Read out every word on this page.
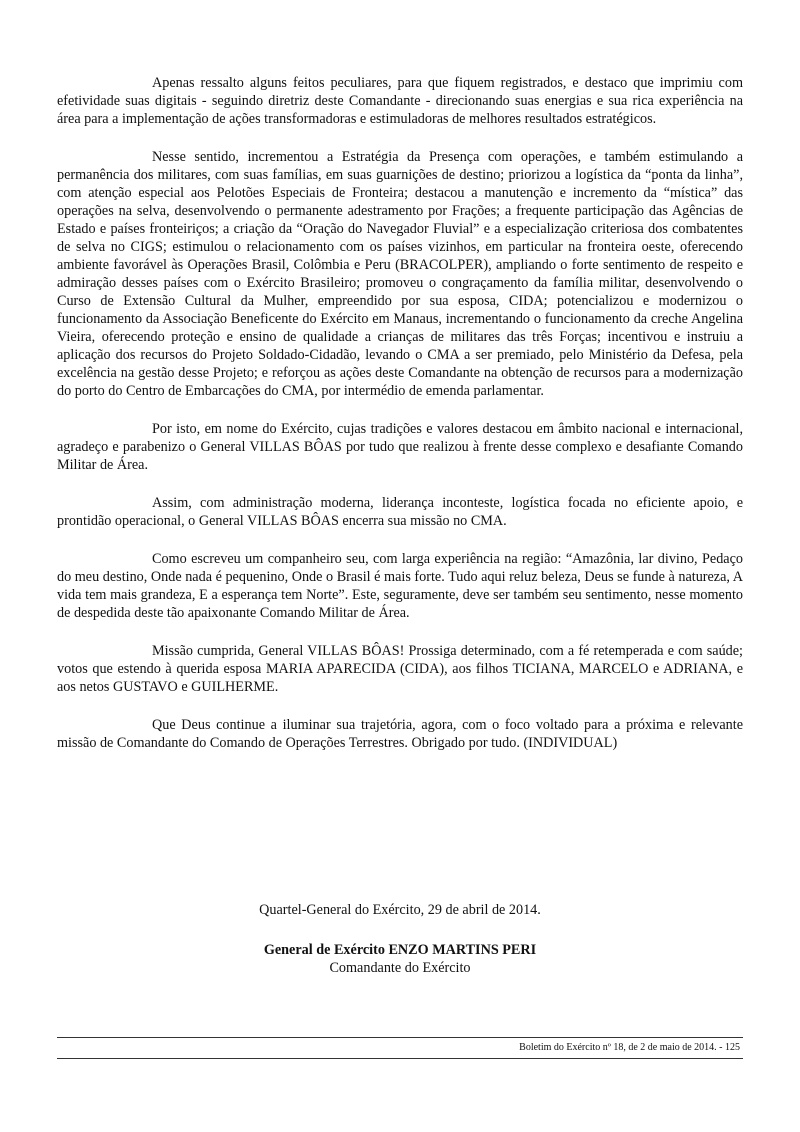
Apenas ressalto alguns feitos peculiares, para que fiquem registrados, e destaco que imprimiu com efetividade suas digitais - seguindo diretriz deste Comandante - direcionando suas energias e sua rica experiência na área para a implementação de ações transformadoras e estimuladoras de melhores resultados estratégicos.

Nesse sentido, incrementou a Estratégia da Presença com operações, e também estimulando a permanência dos militares, com suas famílias, em suas guarnições de destino; priorizou a logística da “ponta da linha”, com atenção especial aos Pelotões Especiais de Fronteira; destacou a manutenção e incremento da “mística” das operações na selva, desenvolvendo o permanente adestramento por Frações; a frequente participação das Agências de Estado e países fronteiriços; a criação da “Oração do Navegador Fluvial” e a especialização criteriosa dos combatentes de selva no CIGS; estimulou o relacionamento com os países vizinhos, em particular na fronteira oeste, oferecendo ambiente favorável às Operações Brasil, Colômbia e Peru (BRACOLPER), ampliando o forte sentimento de respeito e admiração desses países com o Exército Brasileiro; promoveu o congraçamento da família militar, desenvolvendo o Curso de Extensão Cultural da Mulher, empreendido por sua esposa, CIDA; potencializou e modernizou o funcionamento da Associação Beneficente do Exército em Manaus, incrementando o funcionamento da creche Angelina Vieira, oferecendo proteção e ensino de qualidade a crianças de militares das três Forças; incentivou e instruiu a aplicação dos recursos do Projeto Soldado-Cidadão, levando o CMA a ser premiado, pelo Ministério da Defesa, pela excelência na gestão desse Projeto; e reforçou as ações deste Comandante na obtenção de recursos para a modernização do porto do Centro de Embarcações do CMA, por intermédio de emenda parlamentar.

Por isto, em nome do Exército, cujas tradições e valores destacou em âmbito nacional e internacional, agradeço e parabenizo o General VILLAS BÔAS por tudo que realizou à frente desse complexo e desafiante Comando Militar de Área.

Assim, com administração moderna, liderança inconteste, logística focada no eficiente apoio, e prontidão operacional, o General VILLAS BÔAS encerra sua missão no CMA.

Como escreveu um companheiro seu, com larga experiência na região: “Amazônia, lar divino, Pedaço do meu destino, Onde nada é pequenino, Onde o Brasil é mais forte. Tudo aqui reluz beleza, Deus se funde à natureza, A vida tem mais grandeza, E a esperança tem Norte”. Este, seguramente, deve ser também seu sentimento, nesse momento de despedida deste tão apaixonante Comando Militar de Área.

Missão cumprida, General VILLAS BÔAS! Prossiga determinado, com a fé retemperada e com saúde; votos que estendo à querida esposa MARIA APARECIDA (CIDA), aos filhos TICIANA, MARCELO e ADRIANA, e aos netos GUSTAVO e GUILHERME.

Que Deus continue a iluminar sua trajetória, agora, com o foco voltado para a próxima e relevante missão de Comandante do Comando de Operações Terrestres. Obrigado por tudo. (INDIVIDUAL)

Quartel-General do Exército, 29 de abril de 2014.
General de Exército ENZO MARTINS PERI
Comandante do Exército
Boletim do Exército nº 18, de 2 de maio de 2014. - 125
